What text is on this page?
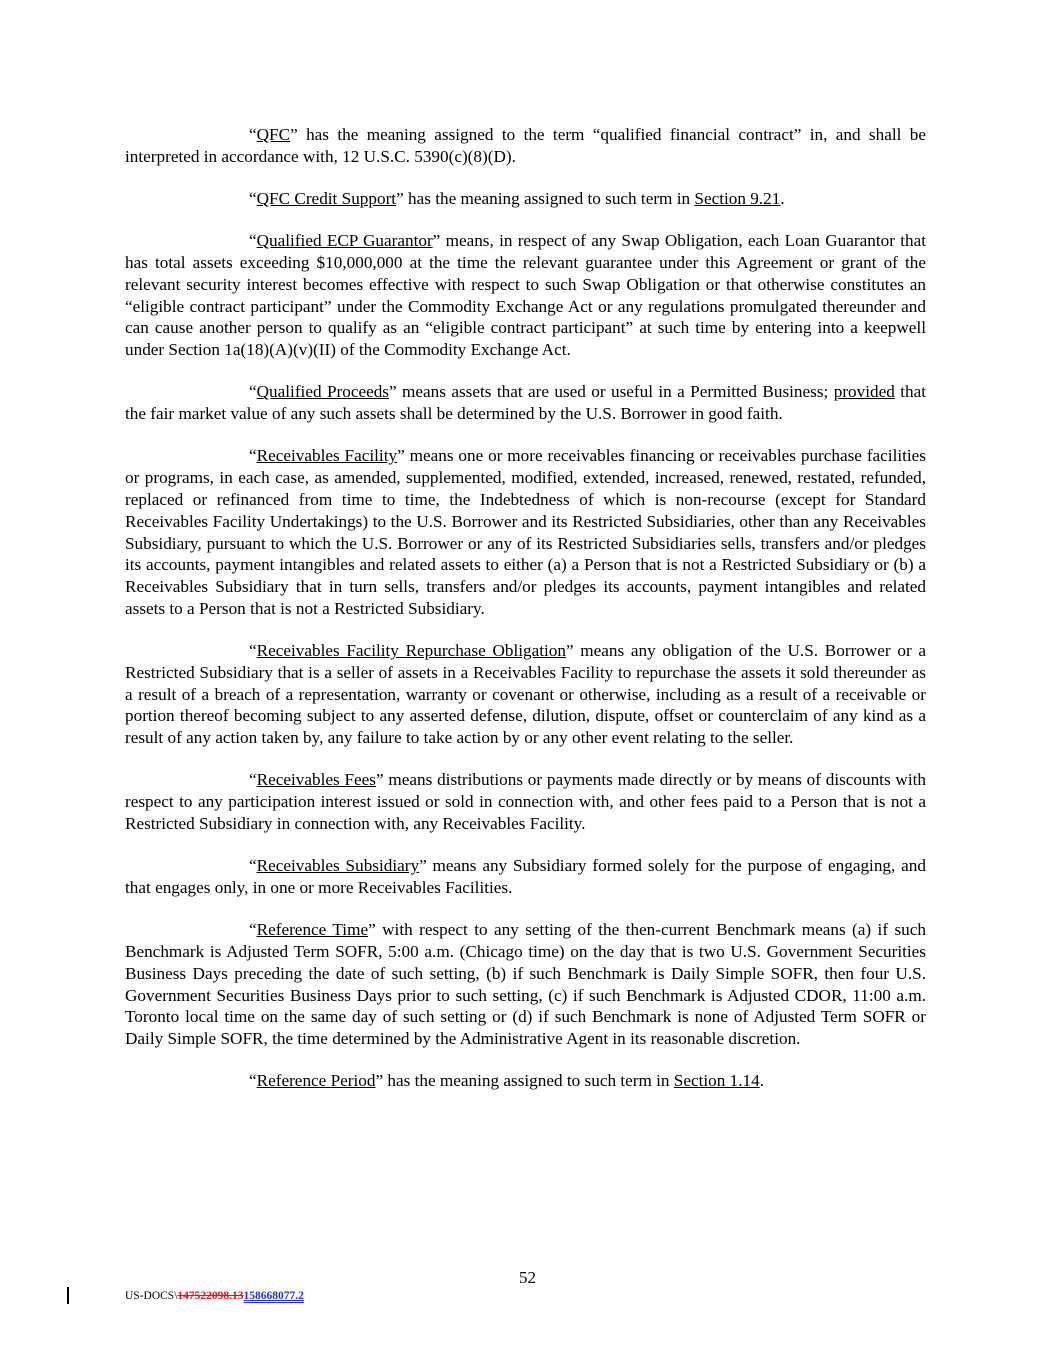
“QFC” has the meaning assigned to the term “qualified financial contract” in, and shall be interpreted in accordance with, 12 U.S.C. 5390(c)(8)(D).

“QFC Credit Support” has the meaning assigned to such term in Section 9.21.

“Qualified ECP Guarantor” means, in respect of any Swap Obligation, each Loan Guarantor that has total assets exceeding $10,000,000 at the time the relevant guarantee under this Agreement or grant of the relevant security interest becomes effective with respect to such Swap Obligation or that otherwise constitutes an “eligible contract participant” under the Commodity Exchange Act or any regulations promulgated thereunder and can cause another person to qualify as an “eligible contract participant” at such time by entering into a keepwell under Section 1a(18)(A)(v)(II) of the Commodity Exchange Act.

“Qualified Proceeds” means assets that are used or useful in a Permitted Business; provided that the fair market value of any such assets shall be determined by the U.S. Borrower in good faith.

“Receivables Facility” means one or more receivables financing or receivables purchase facilities or programs, in each case, as amended, supplemented, modified, extended, increased, renewed, restated, refunded, replaced or refinanced from time to time, the Indebtedness of which is non-recourse (except for Standard Receivables Facility Undertakings) to the U.S. Borrower and its Restricted Subsidiaries, other than any Receivables Subsidiary, pursuant to which the U.S. Borrower or any of its Restricted Subsidiaries sells, transfers and/or pledges its accounts, payment intangibles and related assets to either (a) a Person that is not a Restricted Subsidiary or (b) a Receivables Subsidiary that in turn sells, transfers and/or pledges its accounts, payment intangibles and related assets to a Person that is not a Restricted Subsidiary.

“Receivables Facility Repurchase Obligation” means any obligation of the U.S. Borrower or a Restricted Subsidiary that is a seller of assets in a Receivables Facility to repurchase the assets it sold thereunder as a result of a breach of a representation, warranty or covenant or otherwise, including as a result of a receivable or portion thereof becoming subject to any asserted defense, dilution, dispute, offset or counterclaim of any kind as a result of any action taken by, any failure to take action by or any other event relating to the seller.

“Receivables Fees” means distributions or payments made directly or by means of discounts with respect to any participation interest issued or sold in connection with, and other fees paid to a Person that is not a Restricted Subsidiary in connection with, any Receivables Facility.

“Receivables Subsidiary” means any Subsidiary formed solely for the purpose of engaging, and that engages only, in one or more Receivables Facilities.

“Reference Time” with respect to any setting of the then-current Benchmark means (a) if such Benchmark is Adjusted Term SOFR, 5:00 a.m. (Chicago time) on the day that is two U.S. Government Securities Business Days preceding the date of such setting, (b) if such Benchmark is Daily Simple SOFR, then four U.S. Government Securities Business Days prior to such setting, (c) if such Benchmark is Adjusted CDOR, 11:00 a.m. Toronto local time on the same day of such setting or (d) if such Benchmark is none of Adjusted Term SOFR or Daily Simple SOFR, the time determined by the Administrative Agent in its reasonable discretion.

“Reference Period” has the meaning assigned to such term in Section 1.14.

52
US-DOCS\147522098.13158668077.2
